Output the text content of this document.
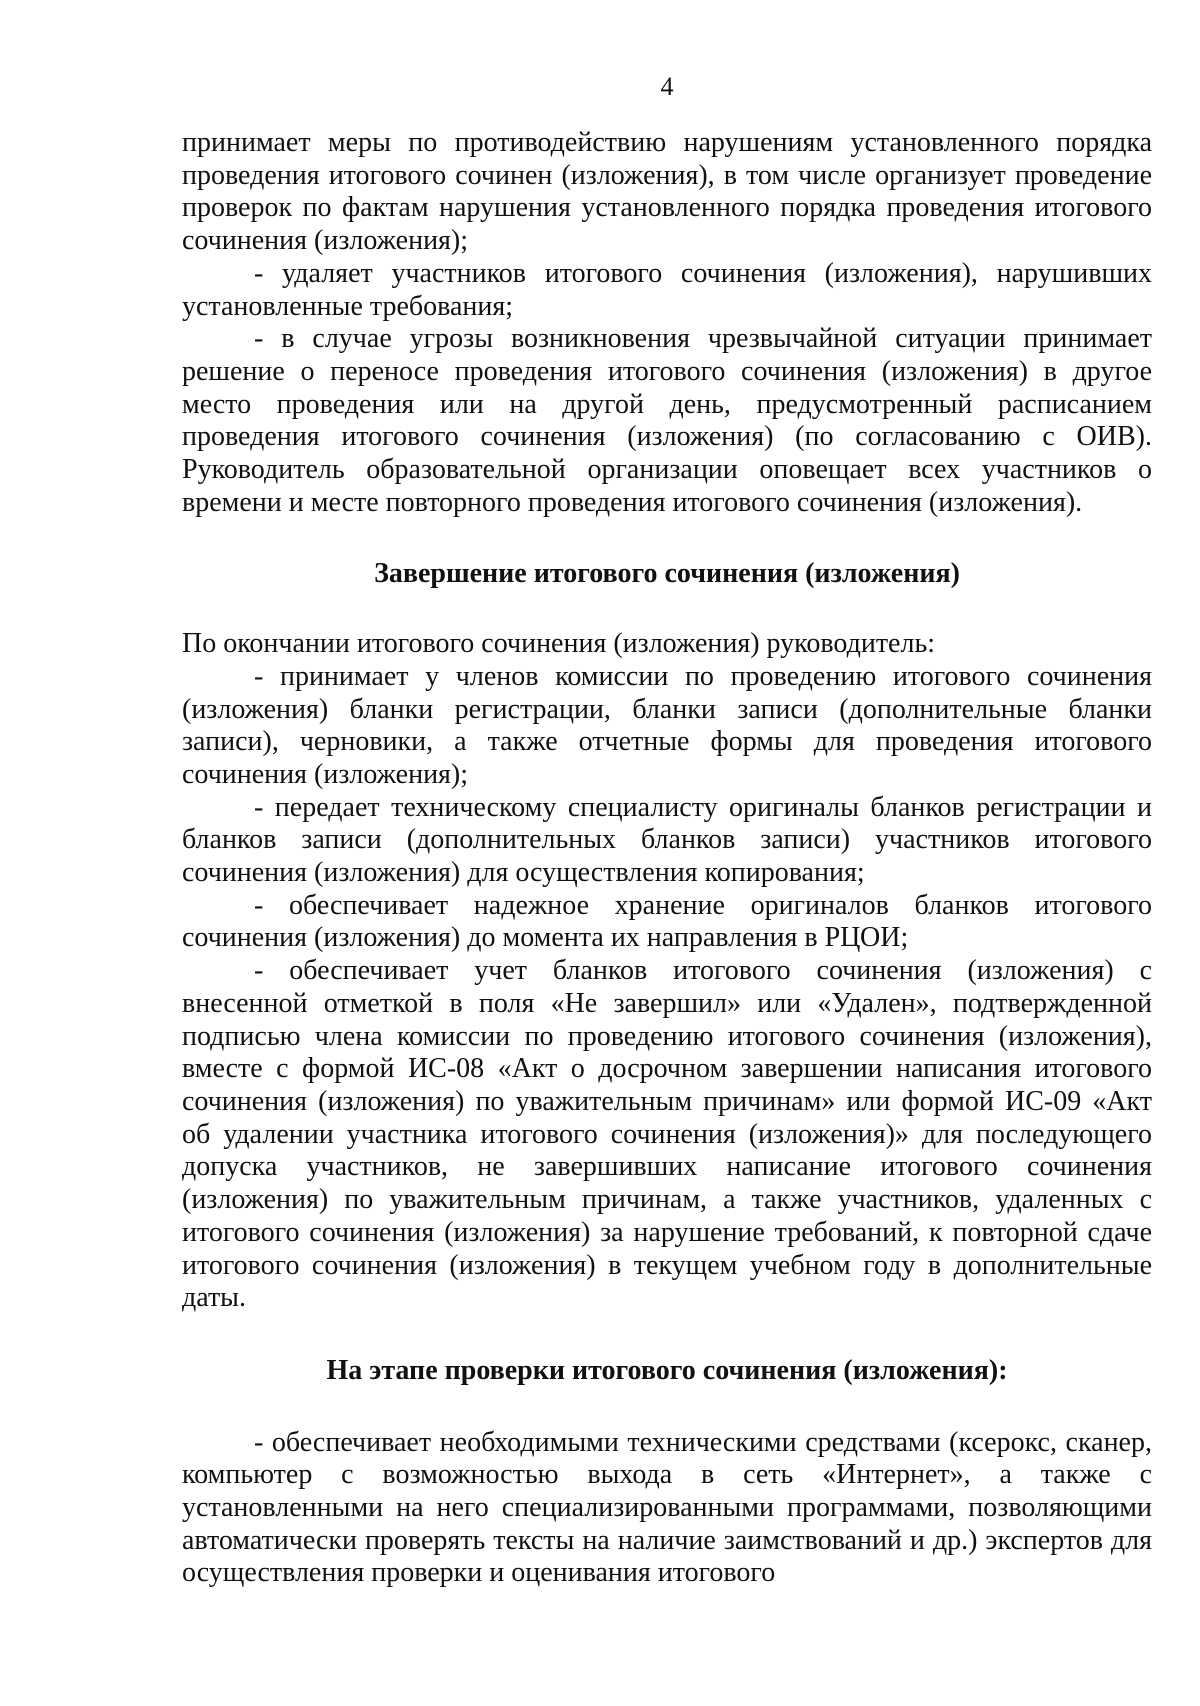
4

принимает меры по противодействию нарушениям установленного порядка проведения итогового сочинен (изложения), в том числе организует проведение проверок по фактам нарушения установленного порядка проведения итогового сочинения (изложения);

- удаляет участников итогового сочинения (изложения), нарушивших установленные требования;

- в случае угрозы возникновения чрезвычайной ситуации принимает решение о переносе проведения итогового сочинения (изложения) в другое место проведения или на другой день, предусмотренный расписанием проведения итогового сочинения (изложения) (по согласованию с ОИВ). Руководитель образовательной организации оповещает всех участников о времени и месте повторного проведения итогового сочинения (изложения).

Завершение итогового сочинения (изложения)

По окончании итогового сочинения (изложения) руководитель:

- принимает у членов комиссии по проведению итогового сочинения (изложения) бланки регистрации, бланки записи (дополнительные бланки записи), черновики, а также отчетные формы для проведения итогового сочинения (изложения);

- передает техническому специалисту оригиналы бланков регистрации и бланков записи (дополнительных бланков записи) участников итогового сочинения (изложения) для осуществления копирования;

- обеспечивает надежное хранение оригиналов бланков итогового сочинения (изложения) до момента их направления в РЦОИ;

- обеспечивает учет бланков итогового сочинения (изложения) с внесенной отметкой в поля «Не завершил» или «Удален», подтвержденной подписью члена комиссии по проведению итогового сочинения (изложения), вместе с формой ИС-08 «Акт о досрочном завершении написания итогового сочинения (изложения) по уважительным причинам» или формой ИС-09 «Акт об удалении участника итогового сочинения (изложения)» для последующего допуска участников, не завершивших написание итогового сочинения (изложения) по уважительным причинам, а также участников, удаленных с итогового сочинения (изложения) за нарушение требований, к повторной сдаче итогового сочинения (изложения) в текущем учебном году в дополнительные даты.

На этапе проверки итогового сочинения (изложения):

- обеспечивает необходимыми техническими средствами (ксерокс, сканер, компьютер с возможностью выхода в сеть «Интернет», а также с установленными на него специализированными программами, позволяющими автоматически проверять тексты на наличие заимствований и др.) экспертов для осуществления проверки и оценивания итогового
